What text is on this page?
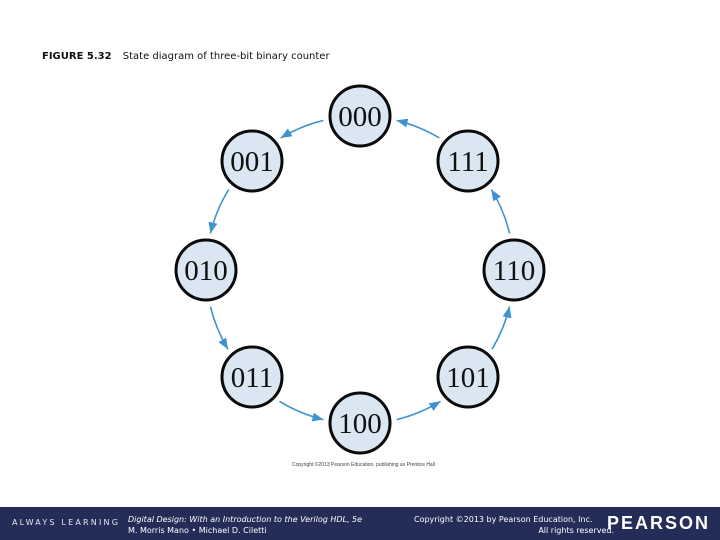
FIGURE 5.32 State diagram of three-bit binary counter
000
001
010
011
100
101
110
111
Copyright ©2013 Pearson Education, publishing as Prentice Hall
ALWAYS LEARNING Digital Design: With an Introduction to the Verilog HDL, 5e
M. Morris Mano • Michael D. Ciletti
Copyright ©2013 by Pearson Education, Inc.
All rights reserved.
PEARSON
